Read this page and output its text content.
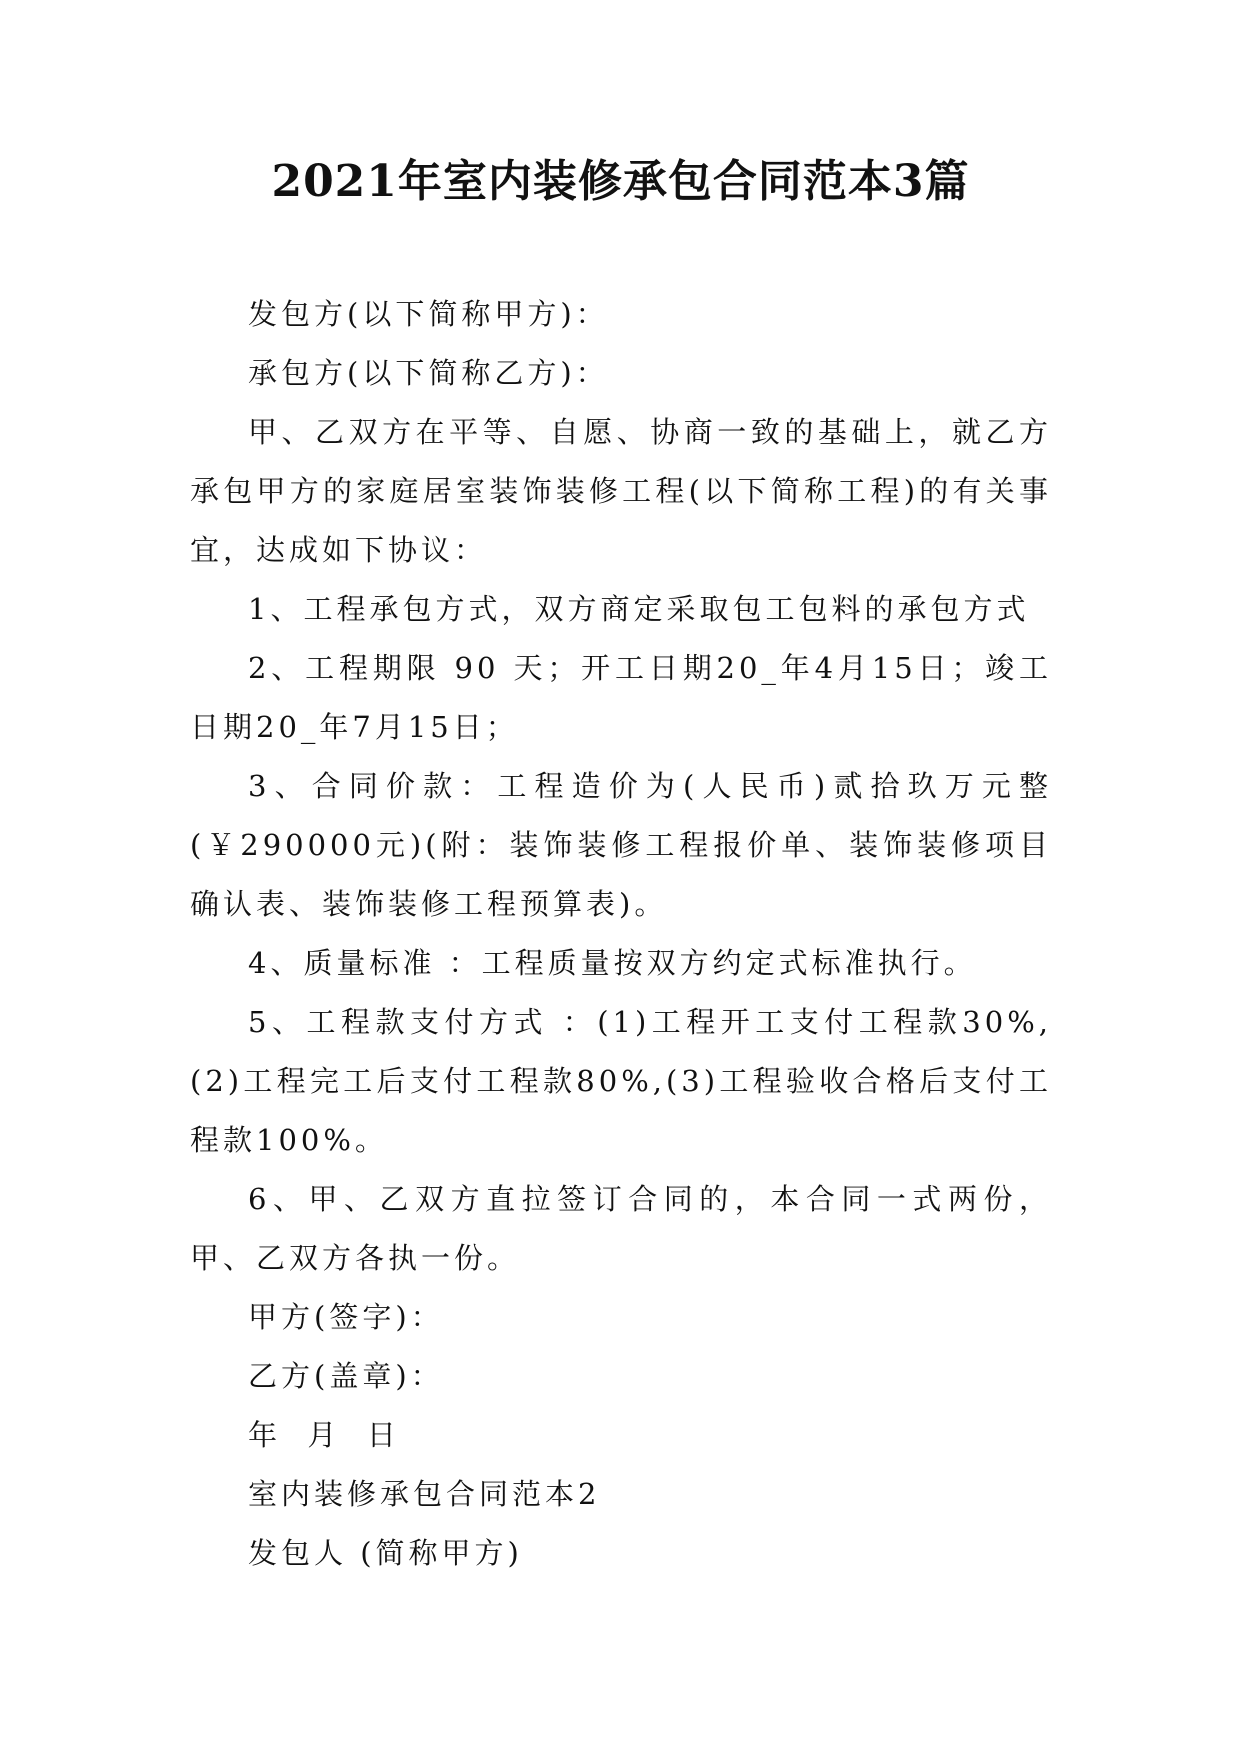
2021年室内装修承包合同范本3篇

发包方(以下简称甲方)：

承包方(以下简称乙方)：

甲、乙双方在平等、自愿、协商一致的基础上，就乙方承包甲方的家庭居室装饰装修工程(以下简称工程)的有关事宜，达成如下协议：

1、工程承包方式，双方商定采取包工包料的承包方式

2、工程期限 90 天；开工日期20_年4月15日；竣工日期20_年7月15日；

3、合同价款：工程造价为(人民币)贰拾玖万元整(￥290000元)(附：装饰装修工程报价单、装饰装修项目确认表、装饰装修工程预算表)。

4、质量标准 ：工程质量按双方约定式标准执行。

5、工程款支付方式 ：(1)工程开工支付工程款30%,(2)工程完工后支付工程款80%,(3)工程验收合格后支付工程款100%。

6、甲、乙双方直拉签订合同的，本合同一式两份，甲、乙双方各执一份。

甲方(签字)：

乙方(盖章)：

年  月  日

室内装修承包合同范本2

发包人 (简称甲方)
